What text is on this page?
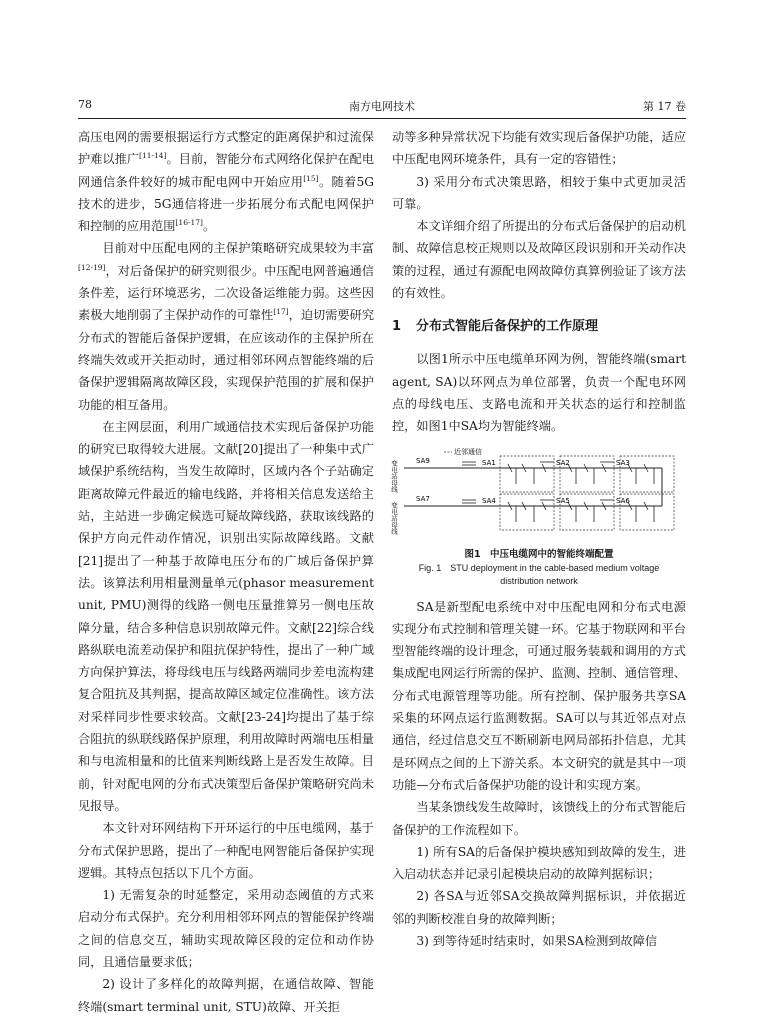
78	南方电网技术	第 17 卷

高压电网的需要根据运行方式整定的距离保护和过流保护难以推广[11-14]。目前，智能分布式网络化保护在配电网通信条件较好的城市配电网中开始应用[15]。随着5G技术的进步，5G通信将进一步拓展分布式配电网保护和控制的应用范围[16-17]。

目前对中压配电网的主保护策略研究成果较为丰富[12-19]，对后备保护的研究则很少。中压配电网普遍通信条件差，运行环境恶劣，二次设备运维能力弱。这些因素极大地削弱了主保护动作的可靠性[17]，迫切需要研究分布式的智能后备保护逻辑，在应该动作的主保护所在终端失效或开关拒动时，通过相邻环网点智能终端的后备保护逻辑隔离故障区段，实现保护范围的扩展和保护功能的相互备用。

在主网层面，利用广域通信技术实现后备保护功能的研究已取得较大进展。文献[20]提出了一种集中式广域保护系统结构，当发生故障时，区域内各个子站确定距离故障元件最近的输电线路，并将相关信息发送给主站，主站进一步确定候选可疑故障线路，获取该线路的保护方向元件动作情况，识别出实际故障线路。文献[21]提出了一种基于故障电压分布的广域后备保护算法。该算法利用相量测量单元(phasor measurement unit, PMU)测得的线路一侧电压量推算另一侧电压故障分量，结合多种信息识别故障元件。文献[22]综合线路纵联电流差动保护和阻抗保护特性，提出了一种广域方向保护算法，将母线电压与线路两端同步差电流构建复合阻抗及其判据，提高故障区域定位准确性。该方法对采样同步性要求较高。文献[23-24]均提出了基于综合阻抗的纵联线路保护原理，利用故障时两端电压相量和与电流相量和的比值来判断线路上是否发生故障。目前，针对配电网的分布式决策型后备保护策略研究尚未见报导。

本文针对环网结构下开环运行的中压电缆网，基于分布式保护思路，提出了一种配电网智能后备保护实现逻辑。其特点包括以下几个方面。

1) 无需复杂的时延整定，采用动态阈值的方式来启动分布式保护。充分利用相邻环网点的智能保护终端之间的信息交互，辅助实现故障区段的定位和动作协同，且通信量要求低；

2) 设计了多样化的故障判据，在通信故障、智能终端(smart terminal unit, STU)故障、开关拒

动等多种异常状况下均能有效实现后备保护功能，适应中压配电网环境条件，具有一定的容错性；

3) 采用分布式决策思路，相较于集中式更加灵活可靠。

本文详细介绍了所提出的分布式后备保护的启动机制、故障信息校正规则以及故障区段识别和开关动作决策的过程，通过有源配电网故障仿真算例验证了该方法的有效性。

1 分布式智能后备保护的工作原理

以图1所示中压电缆单环网为例，智能终端(smart agent, SA)以环网点为单位部署，负责一个配电环网点的母线电压、支路电流和开关状态的运行和控制监控，如图1中SA均为智能终端。

变电站母线
变电站母线
近邻通信
SA9	SA1	SA2	SA3
SA7	SA4	SA5	SA6
图1　中压电缆网中的智能终端配置
Fig. 1　STU deployment in the cable-based medium voltage
distribution network

SA是新型配电系统中对中压配电网和分布式电源实现分布式控制和管理关键一环。它基于物联网和平台型智能终端的设计理念，可通过服务装载和调用的方式集成配电网运行所需的保护、监测、控制、通信管理、分布式电源管理等功能。所有控制、保护服务共享SA采集的环网点运行监测数据。SA可以与其近邻点对点通信，经过信息交互不断刷新电网局部拓扑信息，尤其是环网点之间的上下游关系。本文研究的就是其中一项功能—分布式后备保护功能的设计和实现方案。

当某条馈线发生故障时，该馈线上的分布式智能后备保护的工作流程如下。

1) 所有SA的后备保护模块感知到故障的发生，进入启动状态并记录引起模块启动的故障判据标识；

2) 各SA与近邻SA交换故障判据标识，并依据近邻的判断校准自身的故障判断；

3) 到等待延时结束时，如果SA检测到故障信
